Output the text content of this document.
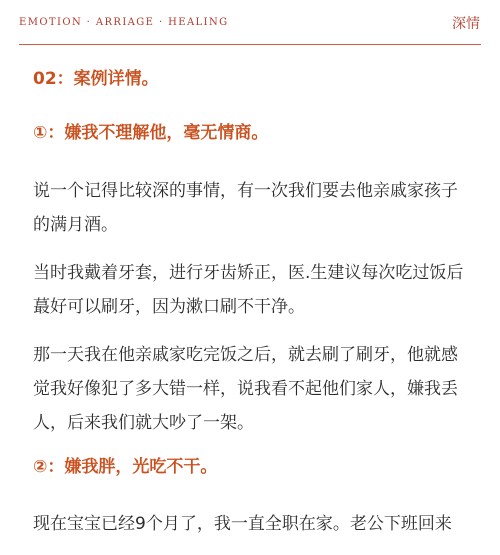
EMOTION · ARRIAGE · HEALING	深情

02：案例详情。

①：嫌我不理解他，毫无情商。

说一个记得比较深的事情，有一次我们要去他亲戚家孩子的满月酒。

当时我戴着牙套，进行牙齿矫正，医.生建议每次吃过饭后蕞好可以刷牙，因为漱口刷不干净。

那一天我在他亲戚家吃完饭之后，就去刷了刷牙，他就感觉我好像犯了多大错一样，说我看不起他们家人，嫌我丢人，后来我们就大吵了一架。

②：嫌我胖，光吃不干。

现在宝宝已经9个月了，我一直全职在家。老公下班回来
